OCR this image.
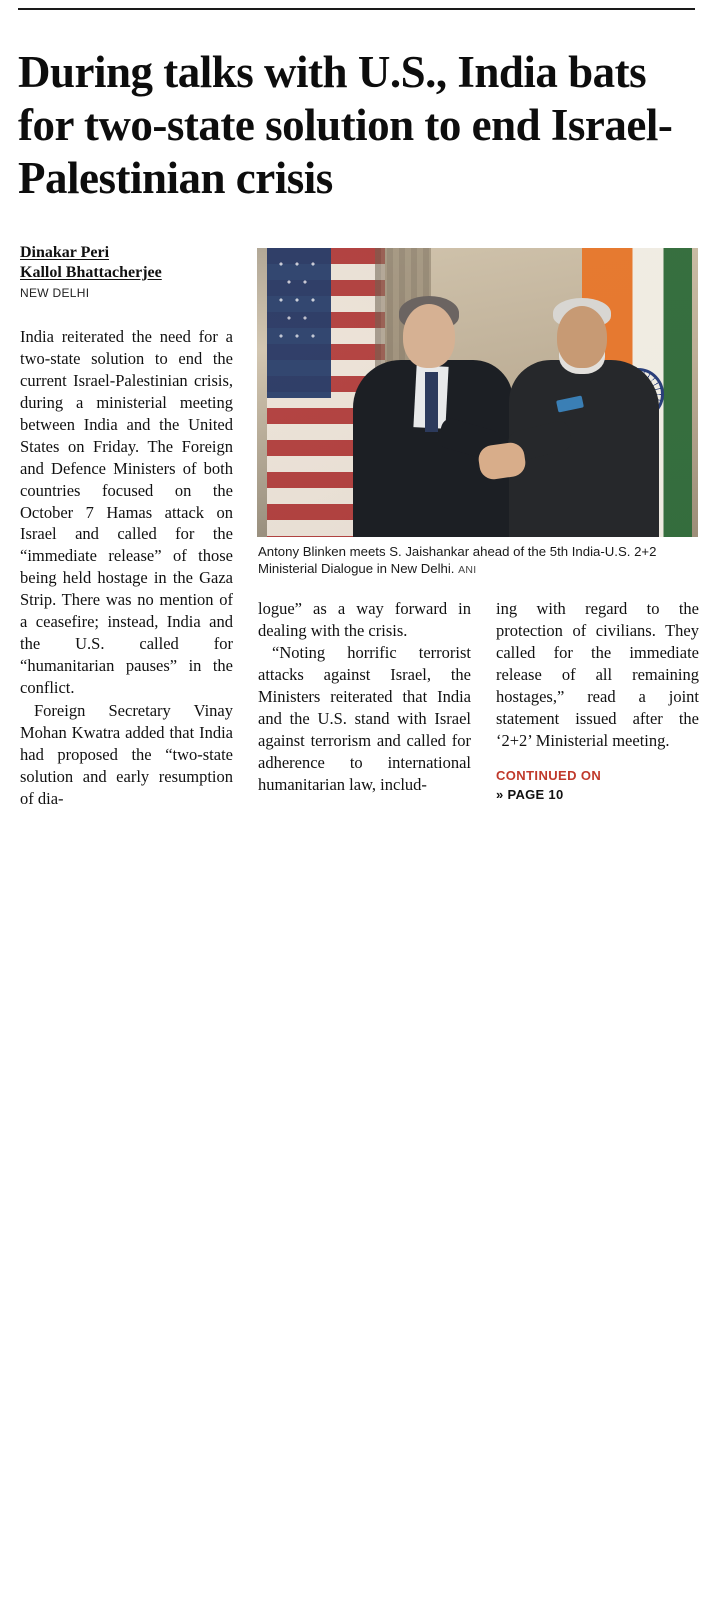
During talks with U.S., India bats for two-state solution to end Israel-Palestinian crisis
Dinakar Peri
Kallol Bhattacherjee
NEW DELHI
Antony Blinken meets S. Jaishankar ahead of the 5th India-U.S. 2+2 Ministerial Dialogue in New Delhi. ANI

India reiterated the need for a two-state solution to end the current Israel-Palestinian crisis, during a ministerial meeting between India and the United States on Friday. The Foreign and Defence Ministers of both countries focused on the October 7 Hamas attack on Israel and called for the “immediate release” of those being held hostage in the Gaza Strip. There was no mention of a ceasefire; instead, India and the U.S. called for “humanitarian pauses” in the conflict.

Foreign Secretary Vinay Mohan Kwatra added that India had proposed the “two-state solution and early resumption of dia-

logue” as a way forward in dealing with the crisis.

“Noting horrific terrorist attacks against Israel, the Ministers reiterated that India and the U.S. stand with Israel against terrorism and called for adherence to international humanitarian law, includ-

ing with regard to the protection of civilians. They called for the immediate release of all remaining hostages,” read a joint statement issued after the ‘2+2’ Ministerial meeting.

CONTINUED ON
» PAGE 10
